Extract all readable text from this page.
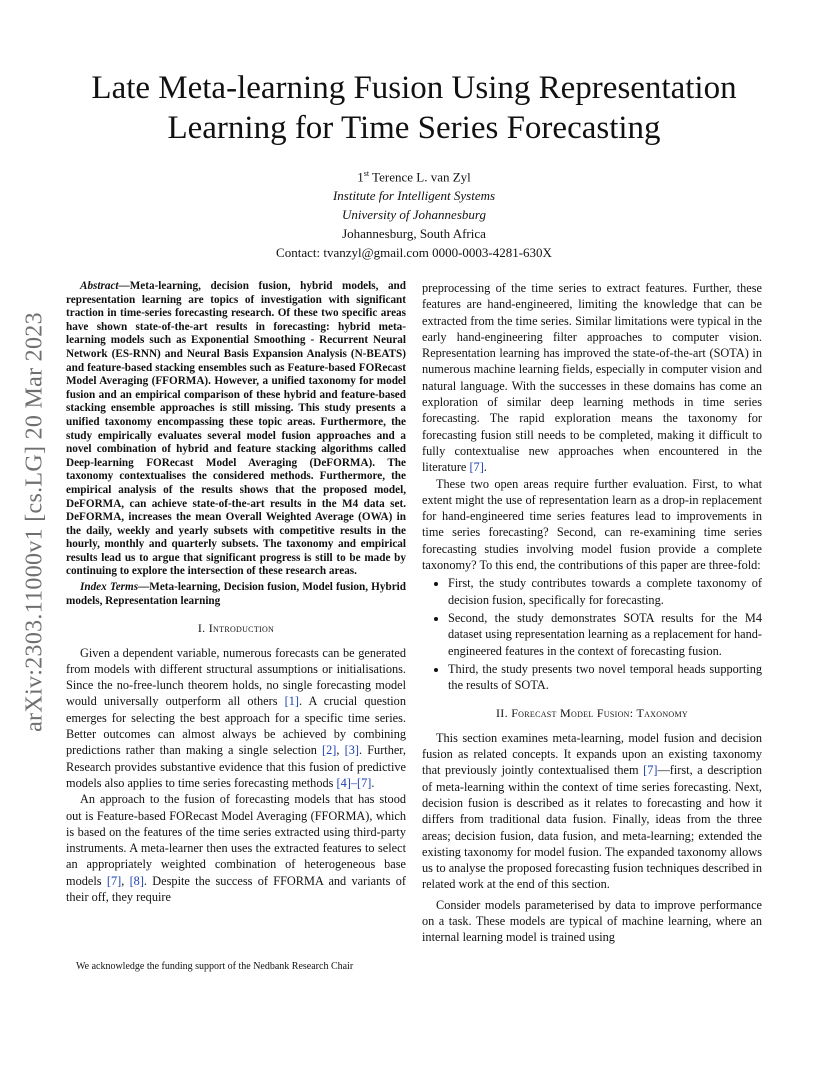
arXiv:2303.11000v1 [cs.LG] 20 Mar 2023
Late Meta-learning Fusion Using Representation
Learning for Time Series Forecasting
1st Terence L. van Zyl
Institute for Intelligent Systems
University of Johannesburg
Johannesburg, South Africa
Contact: tvanzyl@gmail.com 0000-0003-4281-630X

Abstract—Meta-learning, decision fusion, hybrid models, and representation learning are topics of investigation with significant traction in time-series forecasting research. Of these two specific areas have shown state-of-the-art results in forecasting: hybrid meta-learning models such as Exponential Smoothing - Recurrent Neural Network (ES-RNN) and Neural Basis Expansion Analysis (N-BEATS) and feature-based stacking ensembles such as Feature-based FORecast Model Averaging (FFORMA). However, a unified taxonomy for model fusion and an empirical comparison of these hybrid and feature-based stacking ensemble approaches is still missing. This study presents a unified taxonomy encompassing these topic areas. Furthermore, the study empirically evaluates several model fusion approaches and a novel combination of hybrid and feature stacking algorithms called Deep-learning FORecast Model Averaging (DeFORMA). The taxonomy contextualises the considered methods. Furthermore, the empirical analysis of the results shows that the proposed model, DeFORMA, can achieve state-of-the-art results in the M4 data set. DeFORMA, increases the mean Overall Weighted Average (OWA) in the daily, weekly and yearly subsets with competitive results in the hourly, monthly and quarterly subsets. The taxonomy and empirical results lead us to argue that significant progress is still to be made by continuing to explore the intersection of these research areas.

Index Terms—Meta-learning, Decision fusion, Model fusion, Hybrid models, Representation learning

I. Introduction

Given a dependent variable, numerous forecasts can be generated from models with different structural assumptions or initialisations. Since the no-free-lunch theorem holds, no single forecasting model would universally outperform all others [1]. A crucial question emerges for selecting the best approach for a specific time series. Better outcomes can almost always be achieved by combining predictions rather than making a single selection [2], [3]. Further, Research provides substantive evidence that this fusion of predictive models also applies to time series forecasting methods [4]–[7].

An approach to the fusion of forecasting models that has stood out is Feature-based FORecast Model Averaging (FFORMA), which is based on the features of the time series extracted using third-party instruments. A meta-learner then uses the extracted features to select an appropriately weighted combination of heterogeneous base models [7], [8]. Despite the success of FFORMA and variants of their off, they require

We acknowledge the funding support of the Nedbank Research Chair

preprocessing of the time series to extract features. Further, these features are hand-engineered, limiting the knowledge that can be extracted from the time series. Similar limitations were typical in the early hand-engineering filter approaches to computer vision. Representation learning has improved the state-of-the-art (SOTA) in numerous machine learning fields, especially in computer vision and natural language. With the successes in these domains has come an exploration of similar deep learning methods in time series forecasting. The rapid exploration means the taxonomy for forecasting fusion still needs to be completed, making it difficult to fully contextualise new approaches when encountered in the literature [7].

These two open areas require further evaluation. First, to what extent might the use of representation learn as a drop-in replacement for hand-engineered time series features lead to improvements in time series forecasting? Second, can re-examining time series forecasting studies involving model fusion provide a complete taxonomy? To this end, the contributions of this paper are three-fold:

• First, the study contributes towards a complete taxonomy of decision fusion, specifically for forecasting.
• Second, the study demonstrates SOTA results for the M4 dataset using representation learning as a replacement for hand-engineered features in the context of forecasting fusion.
• Third, the study presents two novel temporal heads supporting the results of SOTA.
II. Forecast Model Fusion: Taxonomy

This section examines meta-learning, model fusion and decision fusion as related concepts. It expands upon an existing taxonomy that previously jointly contextualised them [7]—first, a description of meta-learning within the context of time series forecasting. Next, decision fusion is described as it relates to forecasting and how it differs from traditional data fusion. Finally, ideas from the three areas; decision fusion, data fusion, and meta-learning; extended the existing taxonomy for model fusion. The expanded taxonomy allows us to analyse the proposed forecasting fusion techniques described in related work at the end of this section.

Consider models parameterised by data to improve performance on a task. These models are typical of machine learning, where an internal learning model is trained using
